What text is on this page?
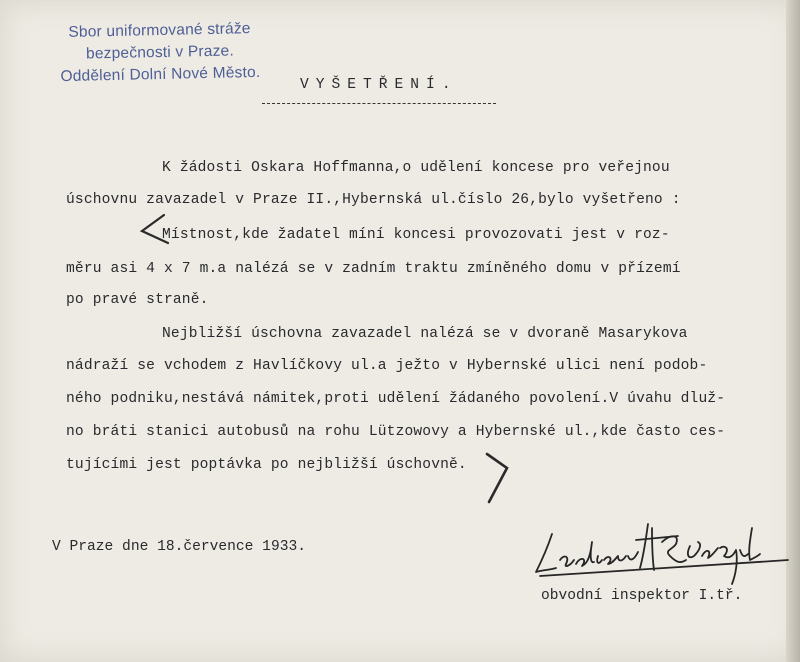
Sbor uniformované stráže
bezpečnosti v Praze.
Oddělení Dolní Nové Město.	VYŠETŘENÍ.
K žádosti Oskara Hoffmanna,o udělení koncese pro veřejnou
úschovnu zavazadel v Praze II.,Hybernská ul.číslo 26,bylo vyšetřeno :
Místnost,kde žadatel míní koncesi provozovati jest v roz-
měru asi 4 x 7 m.a nalézá se v zadním traktu zmíněného domu v přízemí
po pravé straně.
Nejbližší úschovna zavazadel nalézá se v dvoraně Masarykova
nádraží se vchodem z Havlíčkovy ul.a ježto v Hybernské ulici není podob-
ného podniku,nestává námitek,proti udělení žádaného povolení.V úvahu dluž-
no bráti stanici autobusů na rohu Lützowovy a Hybernské ul.,kde často ces-
tujícími jest poptávka po nejbližší úschovně.
V Praze dne 18.července 1933.
obvodní inspektor I.tř.
